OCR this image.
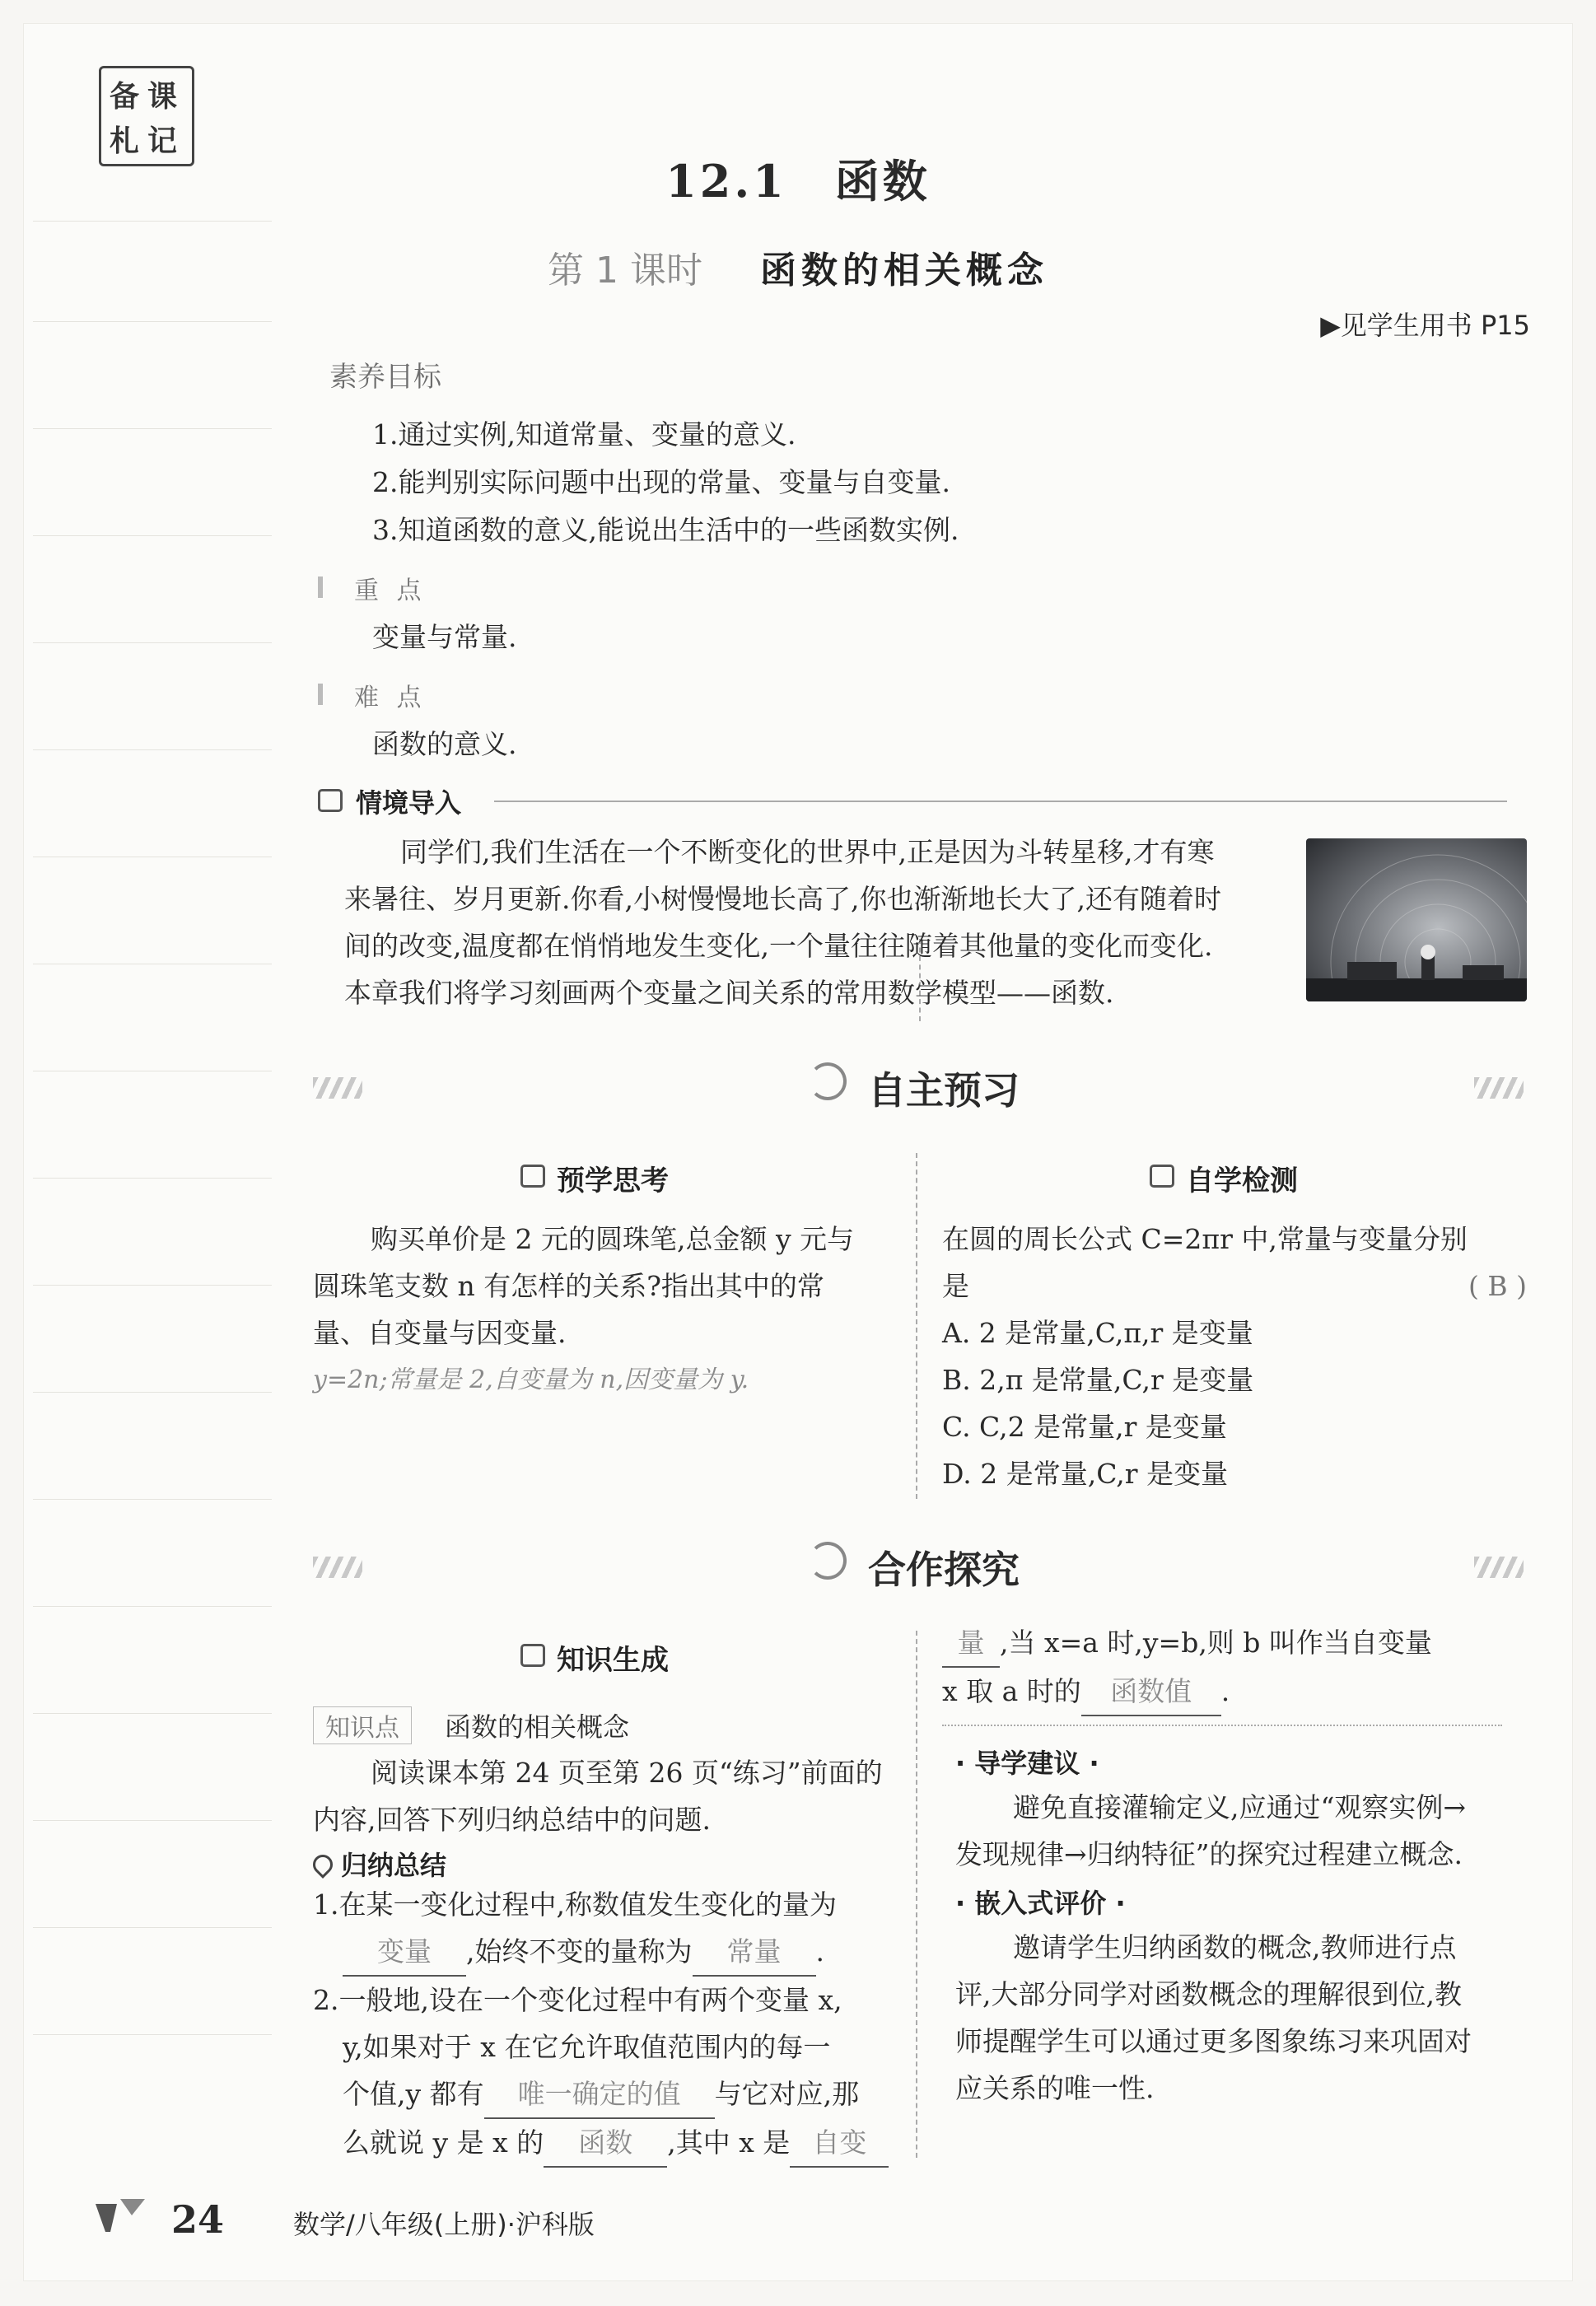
备 课
札 记
12.1　函数
第 1 课时 函数的相关概念
▶见学生用书 P15
素养目标
1.通过实例,知道常量、变量的意义.
2.能判别实际问题中出现的常量、变量与自变量.
3.知道函数的意义,能说出生活中的一些函数实例.
重 点
变量与常量.
难 点
函数的意义.
情境导入
同学们,我们生活在一个不断变化的世界中,正是因为斗转星移,才有寒
来暑往、岁月更新.你看,小树慢慢地长高了,你也渐渐地长大了,还有随着时
间的改变,温度都在悄悄地发生变化,一个量往往随着其他量的变化而变化.
本章我们将学习刻画两个变量之间关系的常用数学模型——函数.
自主预习
预学思考
购买单价是 2 元的圆珠笔,总金额 y 元与
圆珠笔支数 n 有怎样的关系?指出其中的常
量、自变量与因变量.
y=2n;常量是 2,自变量为 n,因变量为 y.
自学检测
在圆的周长公式 C=2πr 中,常量与变量分别
是	( B )
A. 2 是常量,C,π,r 是变量
B. 2,π 是常量,C,r 是变量
C. C,2 是常量,r 是变量
D. 2 是常量,C,r 是变量
合作探究
知识生成
知识点	函数的相关概念
阅读课本第 24 页至第 26 页“练习”前面的
内容,回答下列归纳总结中的问题.
归纳总结
1.在某一变化过程中,称数值发生变化的量为
变量 ,始终不变的量称为 常量 .
2.一般地,设在一个变化过程中有两个变量 x,
y,如果对于 x 在它允许取值范围内的每一
个值,y 都有 唯一确定的值 与它对应,那
么就说 y 是 x 的 函数 ,其中 x 是 自变
量 ,当 x=a 时,y=b,则 b 叫作当自变量
x 取 a 时的 函数值 .
· 导学建议 ·
避免直接灌输定义,应通过“观察实例→
发现规律→归纳特征”的探究过程建立概念.
· 嵌入式评价 ·
邀请学生归纳函数的概念,教师进行点
评,大部分同学对函数概念的理解很到位,教
师提醒学生可以通过更多图象练习来巩固对
应关系的唯一性.
24	数学/八年级(上册)·沪科版
